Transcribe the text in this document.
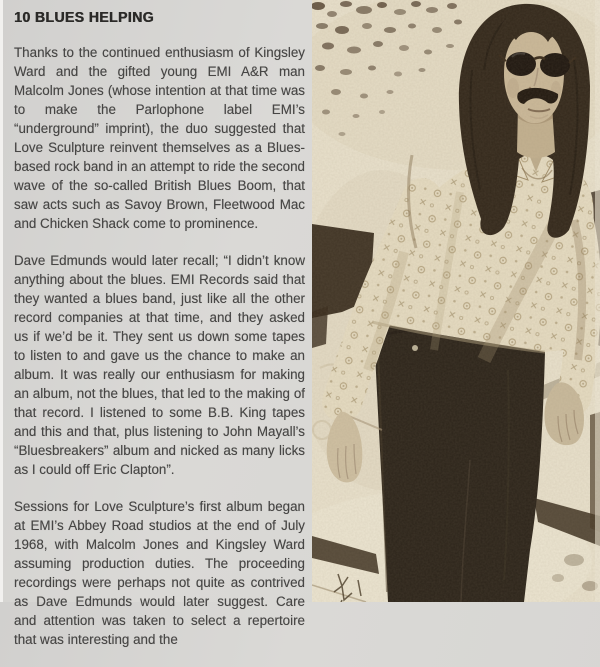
10 BLUES HELPING

Thanks to the continued enthusiasm of Kingsley Ward and the gifted young EMI A&R man Malcolm Jones (whose intention at that time was to make the Parlophone label EMI’s “underground” imprint), the duo suggested that Love Sculpture reinvent themselves as a Blues-based rock band in an attempt to ride the second wave of the so-called British Blues Boom, that saw acts such as Savoy Brown, Fleetwood Mac and Chicken Shack come to prominence.

Dave Edmunds would later recall; “I didn’t know anything about the blues. EMI Records said that they wanted a blues band, just like all the other record companies at that time, and they asked us if we’d be it. They sent us down some tapes to listen to and gave us the chance to make an album. It was really our enthusiasm for making an album, not the blues, that led to the making of that record. I listened to some B.B. King tapes and this and that, plus listening to John Mayall’s “Bluesbreakers” album and nicked as many licks as I could off Eric Clapton”.

Sessions for Love Sculpture’s first album began at EMI’s Abbey Road studios at the end of July 1968, with Malcolm Jones and Kingsley Ward assuming production duties. The proceeding recordings were perhaps not quite as contrived as Dave Edmunds would later suggest. Care and attention was taken to select a repertoire that was interesting and the
